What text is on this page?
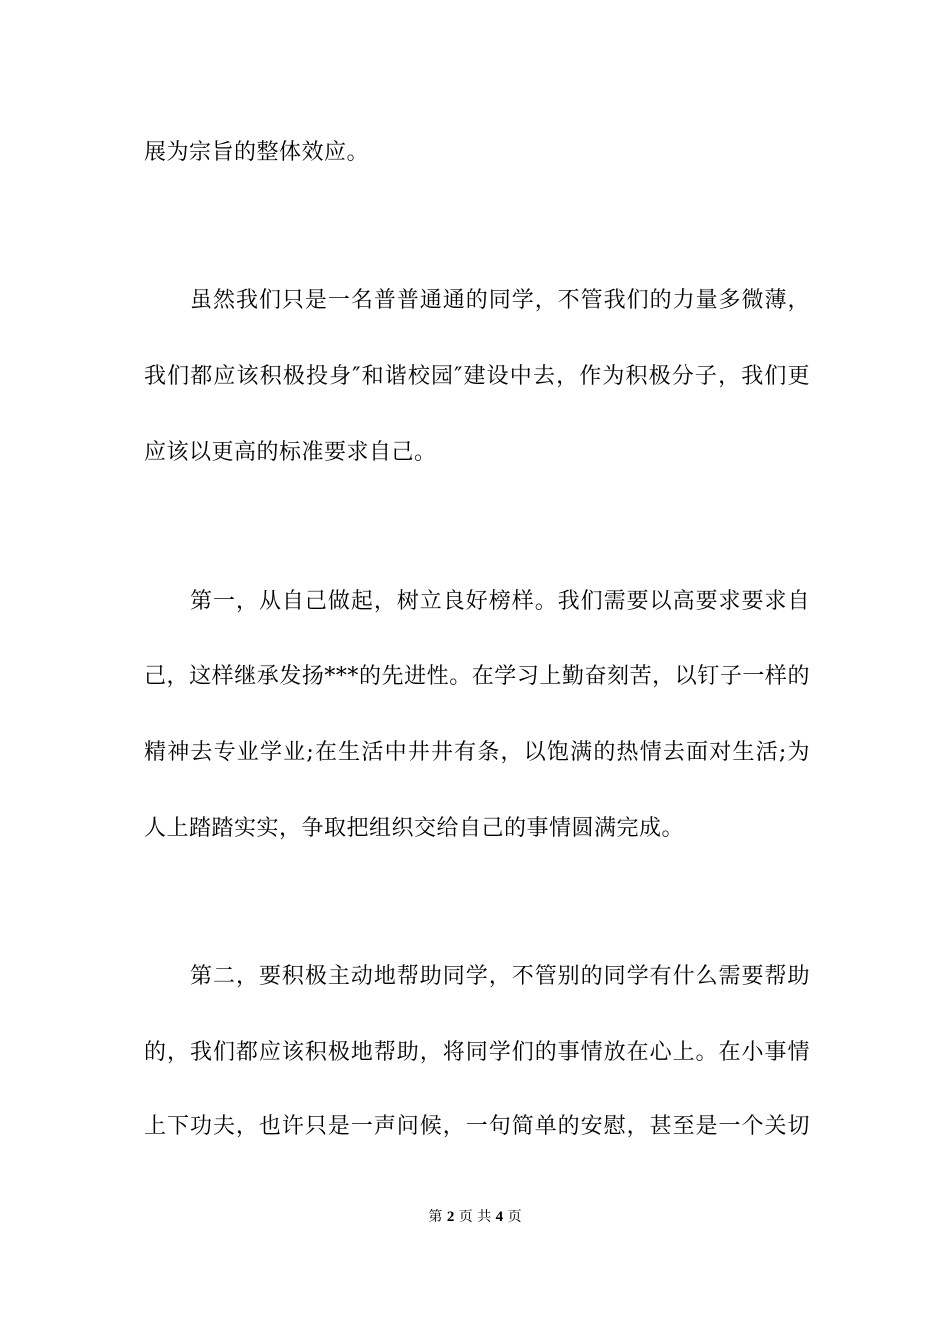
展为宗旨的整体效应。
虽然我们只是一名普普通通的同学，不管我们的力量多微薄，
我们都应该积极投身″和谐校园″建设中去，作为积极分子，我们更
应该以更高的标准要求自己。
第一，从自己做起，树立良好榜样。我们需要以高要求要求自
己，这样继承发扬***的先进性。在学习上勤奋刻苦，以钉子一样的
精神去专业学业;在生活中井井有条，以饱满的热情去面对生活;为
人上踏踏实实，争取把组织交给自己的事情圆满完成。
第二，要积极主动地帮助同学，不管别的同学有什么需要帮助
的，我们都应该积极地帮助，将同学们的事情放在心上。在小事情
上下功夫，也许只是一声问候，一句简单的安慰，甚至是一个关切
第 2 页 共 4 页
